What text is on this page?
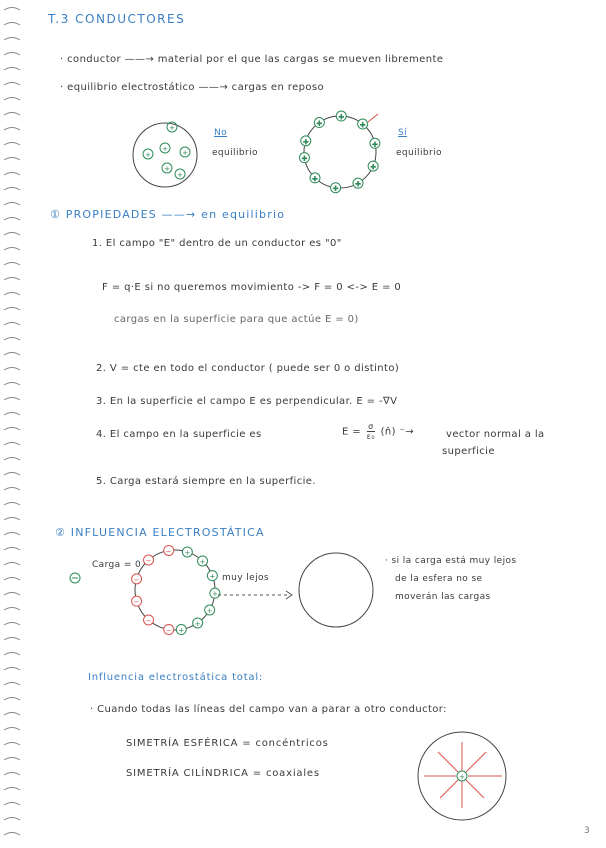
T.3 CONDUCTORES
· conductor ——→ material por el que las cargas se mueven libremente
· equilibrio electrostático ——→ cargas en reposo
+
+
+ +
+
+
+
+
+
+
+
+
+
+
+
+
No
equilibrio
Sí
equilibrio
① PROPIEDADES ——→ en equilibrio
1. El campo "E" dentro de un conductor es "0"
F = q·E si no queremos movimiento -> F = 0 <-> E = 0
cargas en la superficie para que actúe E = 0)
2. V = cte en todo el conductor ( puede ser 0 o distinto)
3. En la superficie el campo E es perpendicular. E = -∇V
4. El campo en la superficie es	$E = \frac{\sigma}{\text{ε₀}}$ (n̂) ⁻→	vector normal a la
superficie
5. Carga estará siempre en la superficie.
② INFLUENCIA ELECTROSTÁTICA
Carga = 0
−
−
−
−
−
− +
+
+
+
+
+
+
muy lejos
· si la carga está muy lejos
de la esfera no se
moverán las cargas
Influencia electrostática total:
· Cuando todas las líneas del campo van a parar a otro conductor:
SIMETRÍA ESFÉRICA = concéntricos
SIMETRÍA CILÍNDRICA = coaxiales	+
3
